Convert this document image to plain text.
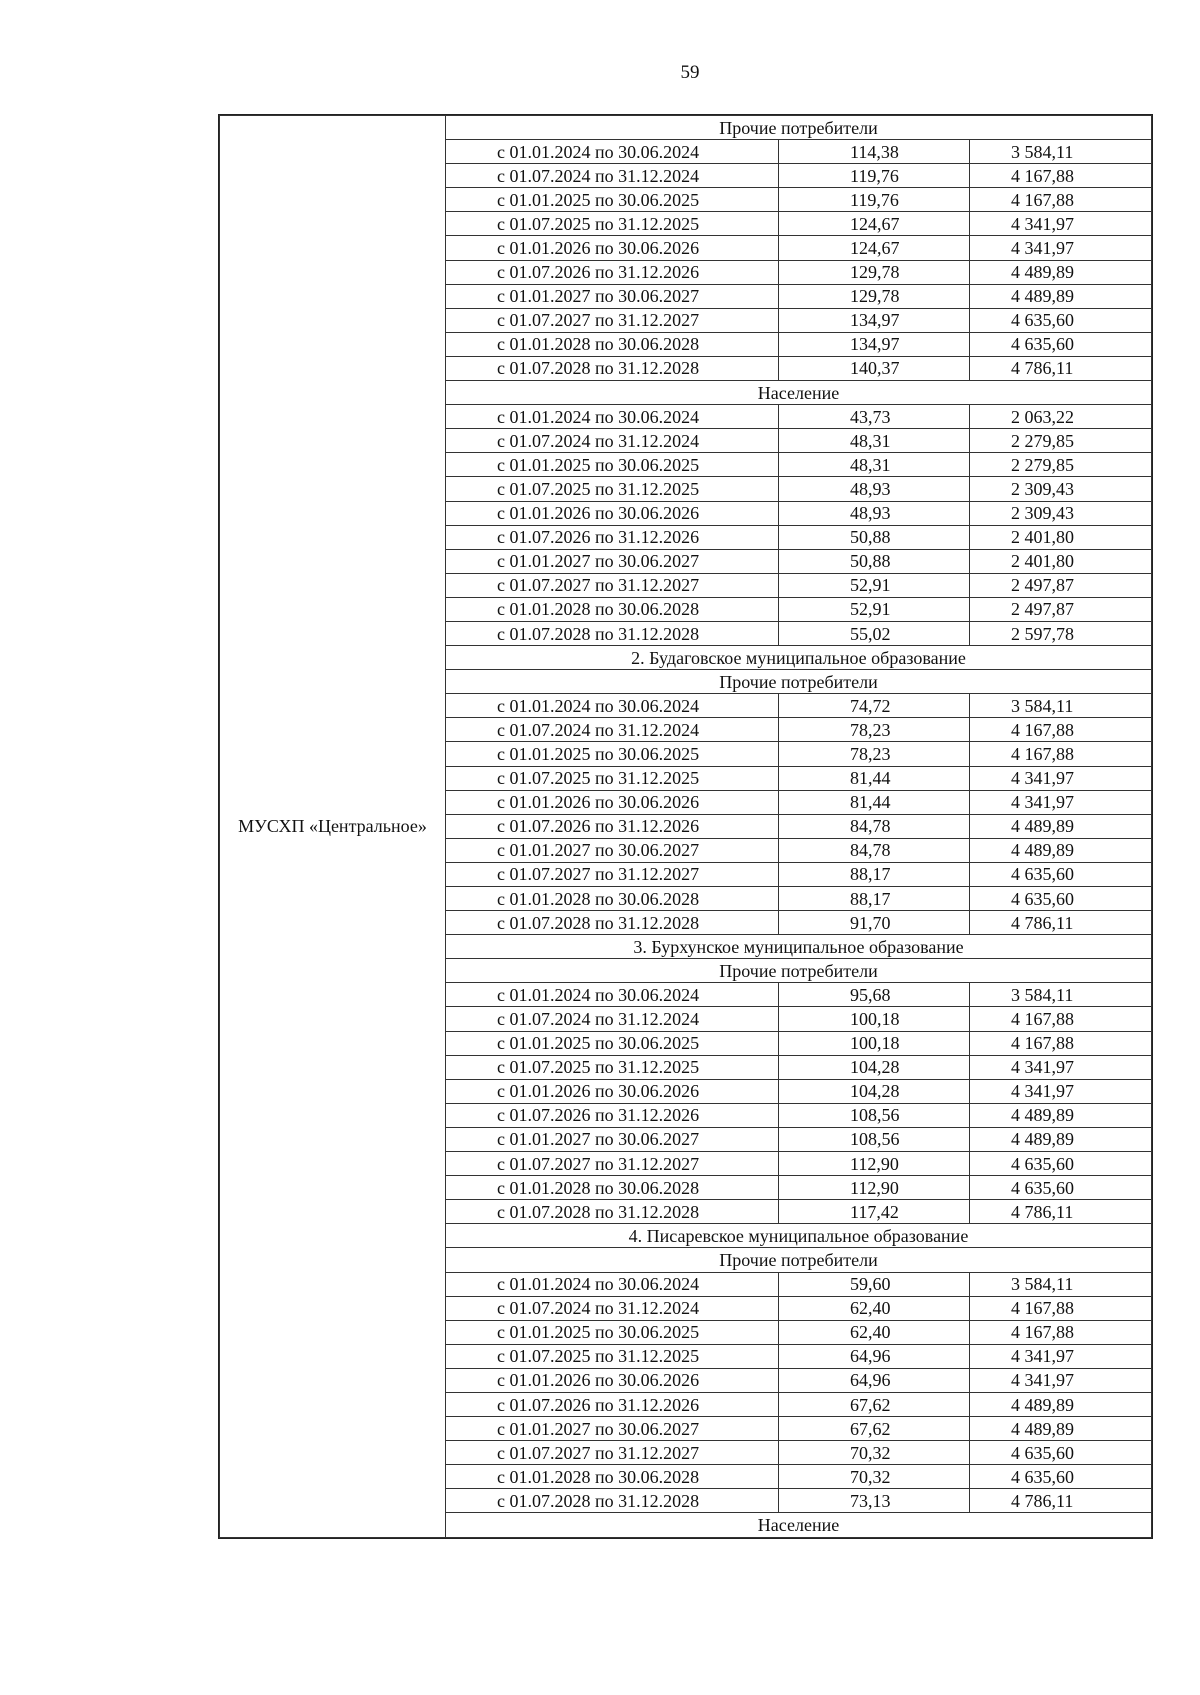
59
МУСХП «Центральное»	Прочие потребители		
	с 01.01.2024 по 30.06.2024	114,38	3 584,11
	с 01.07.2024 по 31.12.2024	119,76	4 167,88
	с 01.01.2025 по 30.06.2025	119,76	4 167,88
	с 01.07.2025 по 31.12.2025	124,67	4 341,97
	с 01.01.2026 по 30.06.2026	124,67	4 341,97
	с 01.07.2026 по 31.12.2026	129,78	4 489,89
	с 01.01.2027 по 30.06.2027	129,78	4 489,89
	с 01.07.2027 по 31.12.2027	134,97	4 635,60
	с 01.01.2028 по 30.06.2028	134,97	4 635,60
	с 01.07.2028 по 31.12.2028	140,37	4 786,11
	Население		
	с 01.01.2024 по 30.06.2024	43,73	2 063,22
	с 01.07.2024 по 31.12.2024	48,31	2 279,85
	с 01.01.2025 по 30.06.2025	48,31	2 279,85
	с 01.07.2025 по 31.12.2025	48,93	2 309,43
	с 01.01.2026 по 30.06.2026	48,93	2 309,43
	с 01.07.2026 по 31.12.2026	50,88	2 401,80
	с 01.01.2027 по 30.06.2027	50,88	2 401,80
	с 01.07.2027 по 31.12.2027	52,91	2 497,87
	с 01.01.2028 по 30.06.2028	52,91	2 497,87
	с 01.07.2028 по 31.12.2028	55,02	2 597,78
	2. Будаговское муниципальное образование		
	Прочие потребители		
	с 01.01.2024 по 30.06.2024	74,72	3 584,11
	с 01.07.2024 по 31.12.2024	78,23	4 167,88
	с 01.01.2025 по 30.06.2025	78,23	4 167,88
	с 01.07.2025 по 31.12.2025	81,44	4 341,97
	с 01.01.2026 по 30.06.2026	81,44	4 341,97
	с 01.07.2026 по 31.12.2026	84,78	4 489,89
	с 01.01.2027 по 30.06.2027	84,78	4 489,89
	с 01.07.2027 по 31.12.2027	88,17	4 635,60
	с 01.01.2028 по 30.06.2028	88,17	4 635,60
	с 01.07.2028 по 31.12.2028	91,70	4 786,11
	3. Бурхунское муниципальное образование		
	Прочие потребители		
	с 01.01.2024 по 30.06.2024	95,68	3 584,11
	с 01.07.2024 по 31.12.2024	100,18	4 167,88
	с 01.01.2025 по 30.06.2025	100,18	4 167,88
	с 01.07.2025 по 31.12.2025	104,28	4 341,97
	с 01.01.2026 по 30.06.2026	104,28	4 341,97
	с 01.07.2026 по 31.12.2026	108,56	4 489,89
	с 01.01.2027 по 30.06.2027	108,56	4 489,89
	с 01.07.2027 по 31.12.2027	112,90	4 635,60
	с 01.01.2028 по 30.06.2028	112,90	4 635,60
	с 01.07.2028 по 31.12.2028	117,42	4 786,11
	4. Писаревское муниципальное образование		
	Прочие потребители		
	с 01.01.2024 по 30.06.2024	59,60	3 584,11
	с 01.07.2024 по 31.12.2024	62,40	4 167,88
	с 01.01.2025 по 30.06.2025	62,40	4 167,88
	с 01.07.2025 по 31.12.2025	64,96	4 341,97
	с 01.01.2026 по 30.06.2026	64,96	4 341,97
	с 01.07.2026 по 31.12.2026	67,62	4 489,89
	с 01.01.2027 по 30.06.2027	67,62	4 489,89
	с 01.07.2027 по 31.12.2027	70,32	4 635,60
	с 01.01.2028 по 30.06.2028	70,32	4 635,60
	с 01.07.2028 по 31.12.2028	73,13	4 786,11
	Население		
